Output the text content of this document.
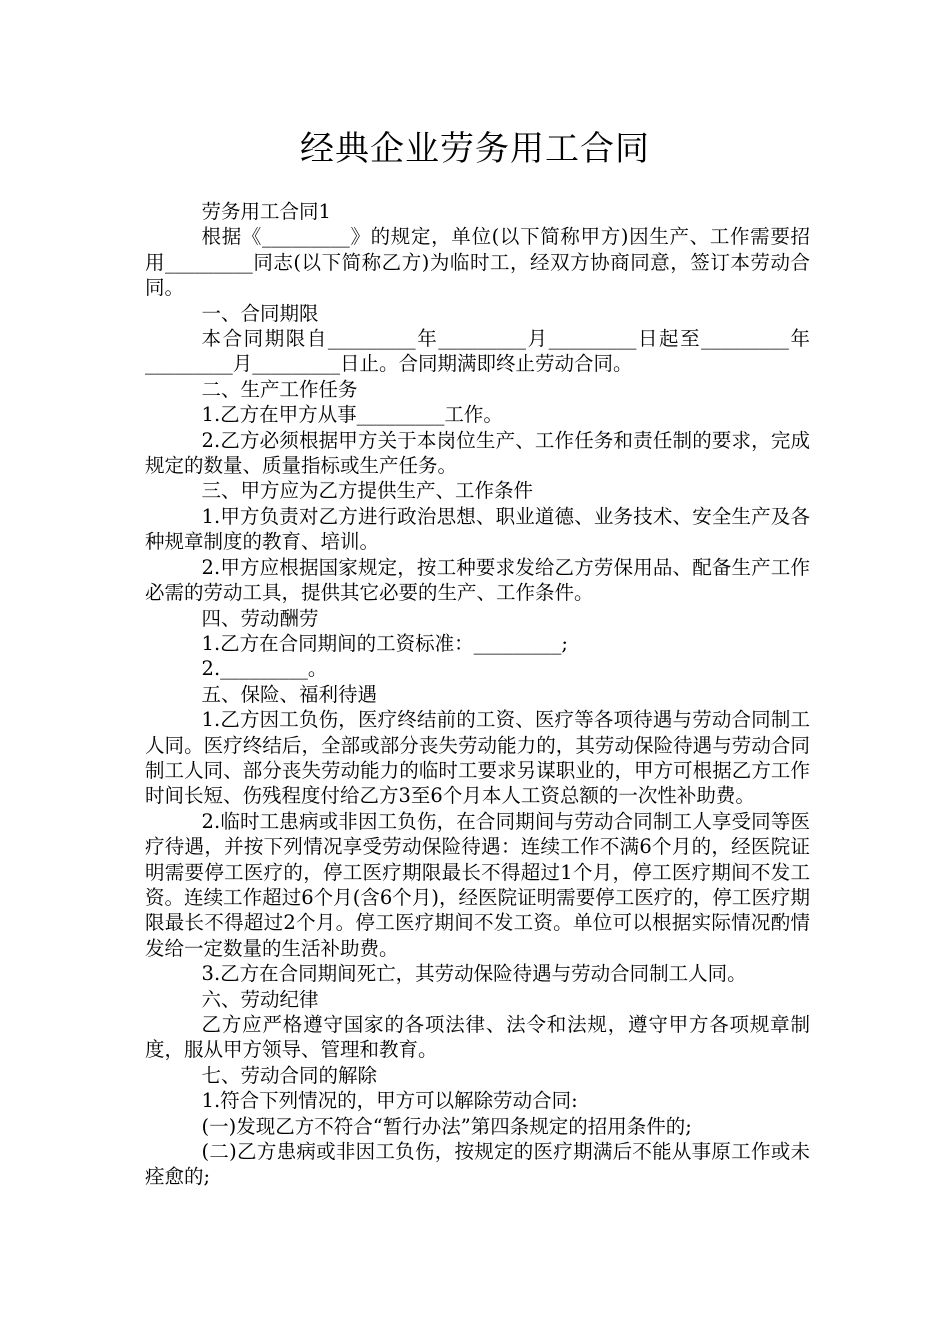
经典企业劳务用工合同

劳务用工合同1

根据《_________》的规定，单位(以下简称甲方)因生产、工作需要招用_________同志(以下简称乙方)为临时工，经双方协商同意，签订本劳动合同。

一、合同期限

本合同期限自_________年_________月_________日起至_________年_________月_________日止。合同期满即终止劳动合同。

二、生产工作任务

1.乙方在甲方从事_________工作。

2.乙方必须根据甲方关于本岗位生产、工作任务和责任制的要求，完成规定的数量、质量指标或生产任务。

三、甲方应为乙方提供生产、工作条件

1.甲方负责对乙方进行政治思想、职业道德、业务技术、安全生产及各种规章制度的教育、培训。

2.甲方应根据国家规定，按工种要求发给乙方劳保用品、配备生产工作必需的劳动工具，提供其它必要的生产、工作条件。

四、劳动酬劳

1.乙方在合同期间的工资标准：_________;

2._________。

五、保险、福利待遇

1.乙方因工负伤，医疗终结前的工资、医疗等各项待遇与劳动合同制工人同。医疗终结后，全部或部分丧失劳动能力的，其劳动保险待遇与劳动合同制工人同、部分丧失劳动能力的临时工要求另谋职业的，甲方可根据乙方工作时间长短、伤残程度付给乙方3至6个月本人工资总额的一次性补助费。

2.临时工患病或非因工负伤，在合同期间与劳动合同制工人享受同等医疗待遇，并按下列情况享受劳动保险待遇：连续工作不满6个月的，经医院证明需要停工医疗的，停工医疗期限最长不得超过1个月，停工医疗期间不发工资。连续工作超过6个月(含6个月)，经医院证明需要停工医疗的，停工医疗期限最长不得超过2个月。停工医疗期间不发工资。单位可以根据实际情况酌情发给一定数量的生活补助费。

3.乙方在合同期间死亡，其劳动保险待遇与劳动合同制工人同。

六、劳动纪律

乙方应严格遵守国家的各项法律、法令和法规，遵守甲方各项规章制度，服从甲方领导、管理和教育。

七、劳动合同的解除

1.符合下列情况的，甲方可以解除劳动合同:

(一)发现乙方不符合“暂行办法”第四条规定的招用条件的;

(二)乙方患病或非因工负伤，按规定的医疗期满后不能从事原工作或未痊愈的;
